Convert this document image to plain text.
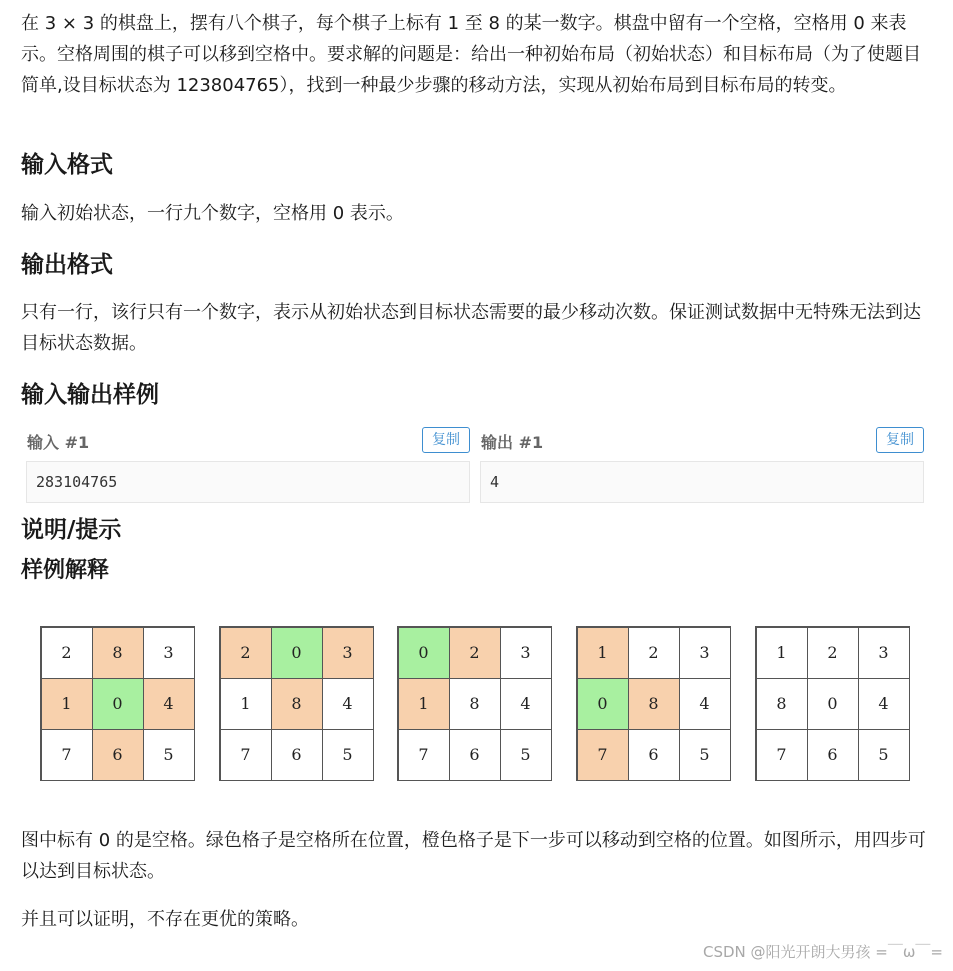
在 3 × 3 的棋盘上，摆有八个棋子，每个棋子上标有 1 至 8 的某一数字。棋盘中留有一个空格，空格用 0 来表示。空格周围的棋子可以移到空格中。要求解的问题是：给出一种初始布局（初始状态）和目标布局（为了使题目简单,设目标状态为 123804765），找到一种最少步骤的移动方法，实现从初始布局到目标布局的转变。

输入格式

输入初始状态，一行九个数字，空格用 0 表示。

输出格式

只有一行，该行只有一个数字，表示从初始状态到目标状态需要的最少移动次数。保证测试数据中无特殊无法到达目标状态数据。

输入输出样例
输入 #1	复制
283104765
输出 #1	复制
4
说明/提示
样例解释
2	8	3
1	0	4
7	6	5
2	0	3
1	8	4
7	6	5
0	2	3
1	8	4
7	6	5
1	2	3
0	8	4
7	6	5
1	2	3
8	0	4
7	6	5

图中标有 0 的是空格。绿色格子是空格所在位置，橙色格子是下一步可以移动到空格的位置。如图所示，用四步可以达到目标状态。

并且可以证明，不存在更优的策略。

CSDN @阳光开朗大男孩 =￣ω￣=
